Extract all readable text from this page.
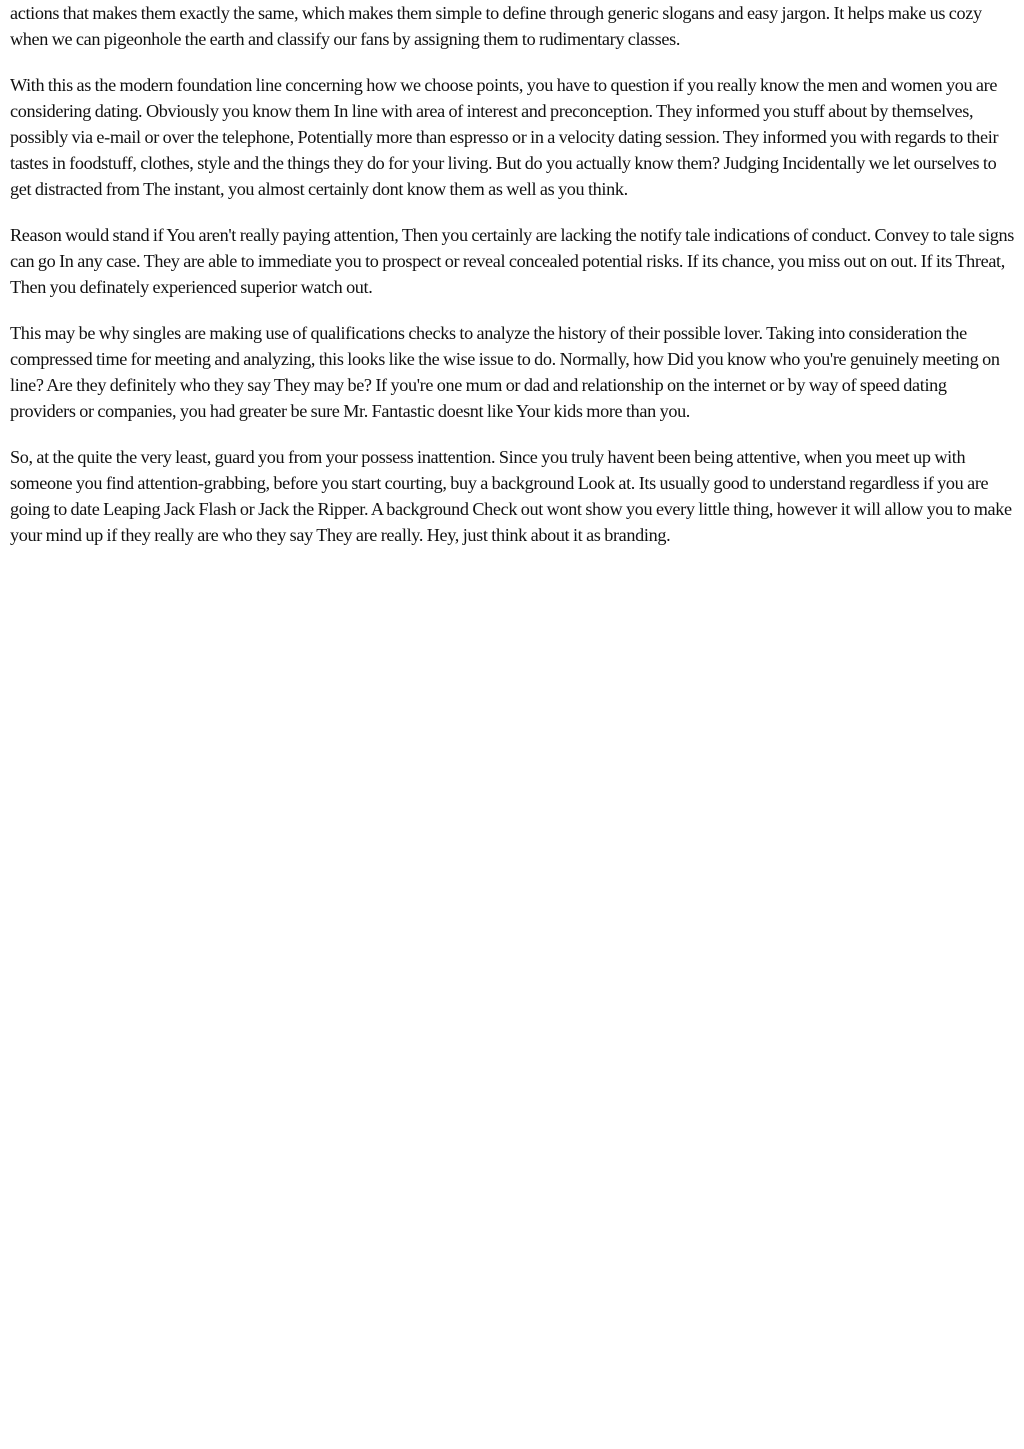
actions that makes them exactly the same, which makes them simple to define through generic slogans and easy jargon. It helps make us cozy when we can pigeonhole the earth and classify our fans by assigning them to rudimentary classes.

With this as the modern foundation line concerning how we choose points, you have to question if you really know the men and women you are considering dating. Obviously you know them In line with area of interest and preconception. They informed you stuff about by themselves, possibly via e-mail or over the telephone, Potentially more than espresso or in a velocity dating session. They informed you with regards to their tastes in foodstuff, clothes, style and the things they do for your living. But do you actually know them? Judging Incidentally we let ourselves to get distracted from The instant, you almost certainly dont know them as well as you think.

Reason would stand if You aren't really paying attention, Then you certainly are lacking the notify tale indications of conduct. Convey to tale signs can go In any case. They are able to immediate you to prospect or reveal concealed potential risks. If its chance, you miss out on out. If its Threat, Then you definately experienced superior watch out.

This may be why singles are making use of qualifications checks to analyze the history of their possible lover. Taking into consideration the compressed time for meeting and analyzing, this looks like the wise issue to do. Normally, how Did you know who you're genuinely meeting on line? Are they definitely who they say They may be? If you're one mum or dad and relationship on the internet or by way of speed dating providers or companies, you had greater be sure Mr. Fantastic doesnt like Your kids more than you.

So, at the quite the very least, guard you from your possess inattention. Since you truly havent been being attentive, when you meet up with someone you find attention-grabbing, before you start courting, buy a background Look at. Its usually good to understand regardless if you are going to date Leaping Jack Flash or Jack the Ripper. A background Check out wont show you every little thing, however it will allow you to make your mind up if they really are who they say They are really. Hey, just think about it as branding.
